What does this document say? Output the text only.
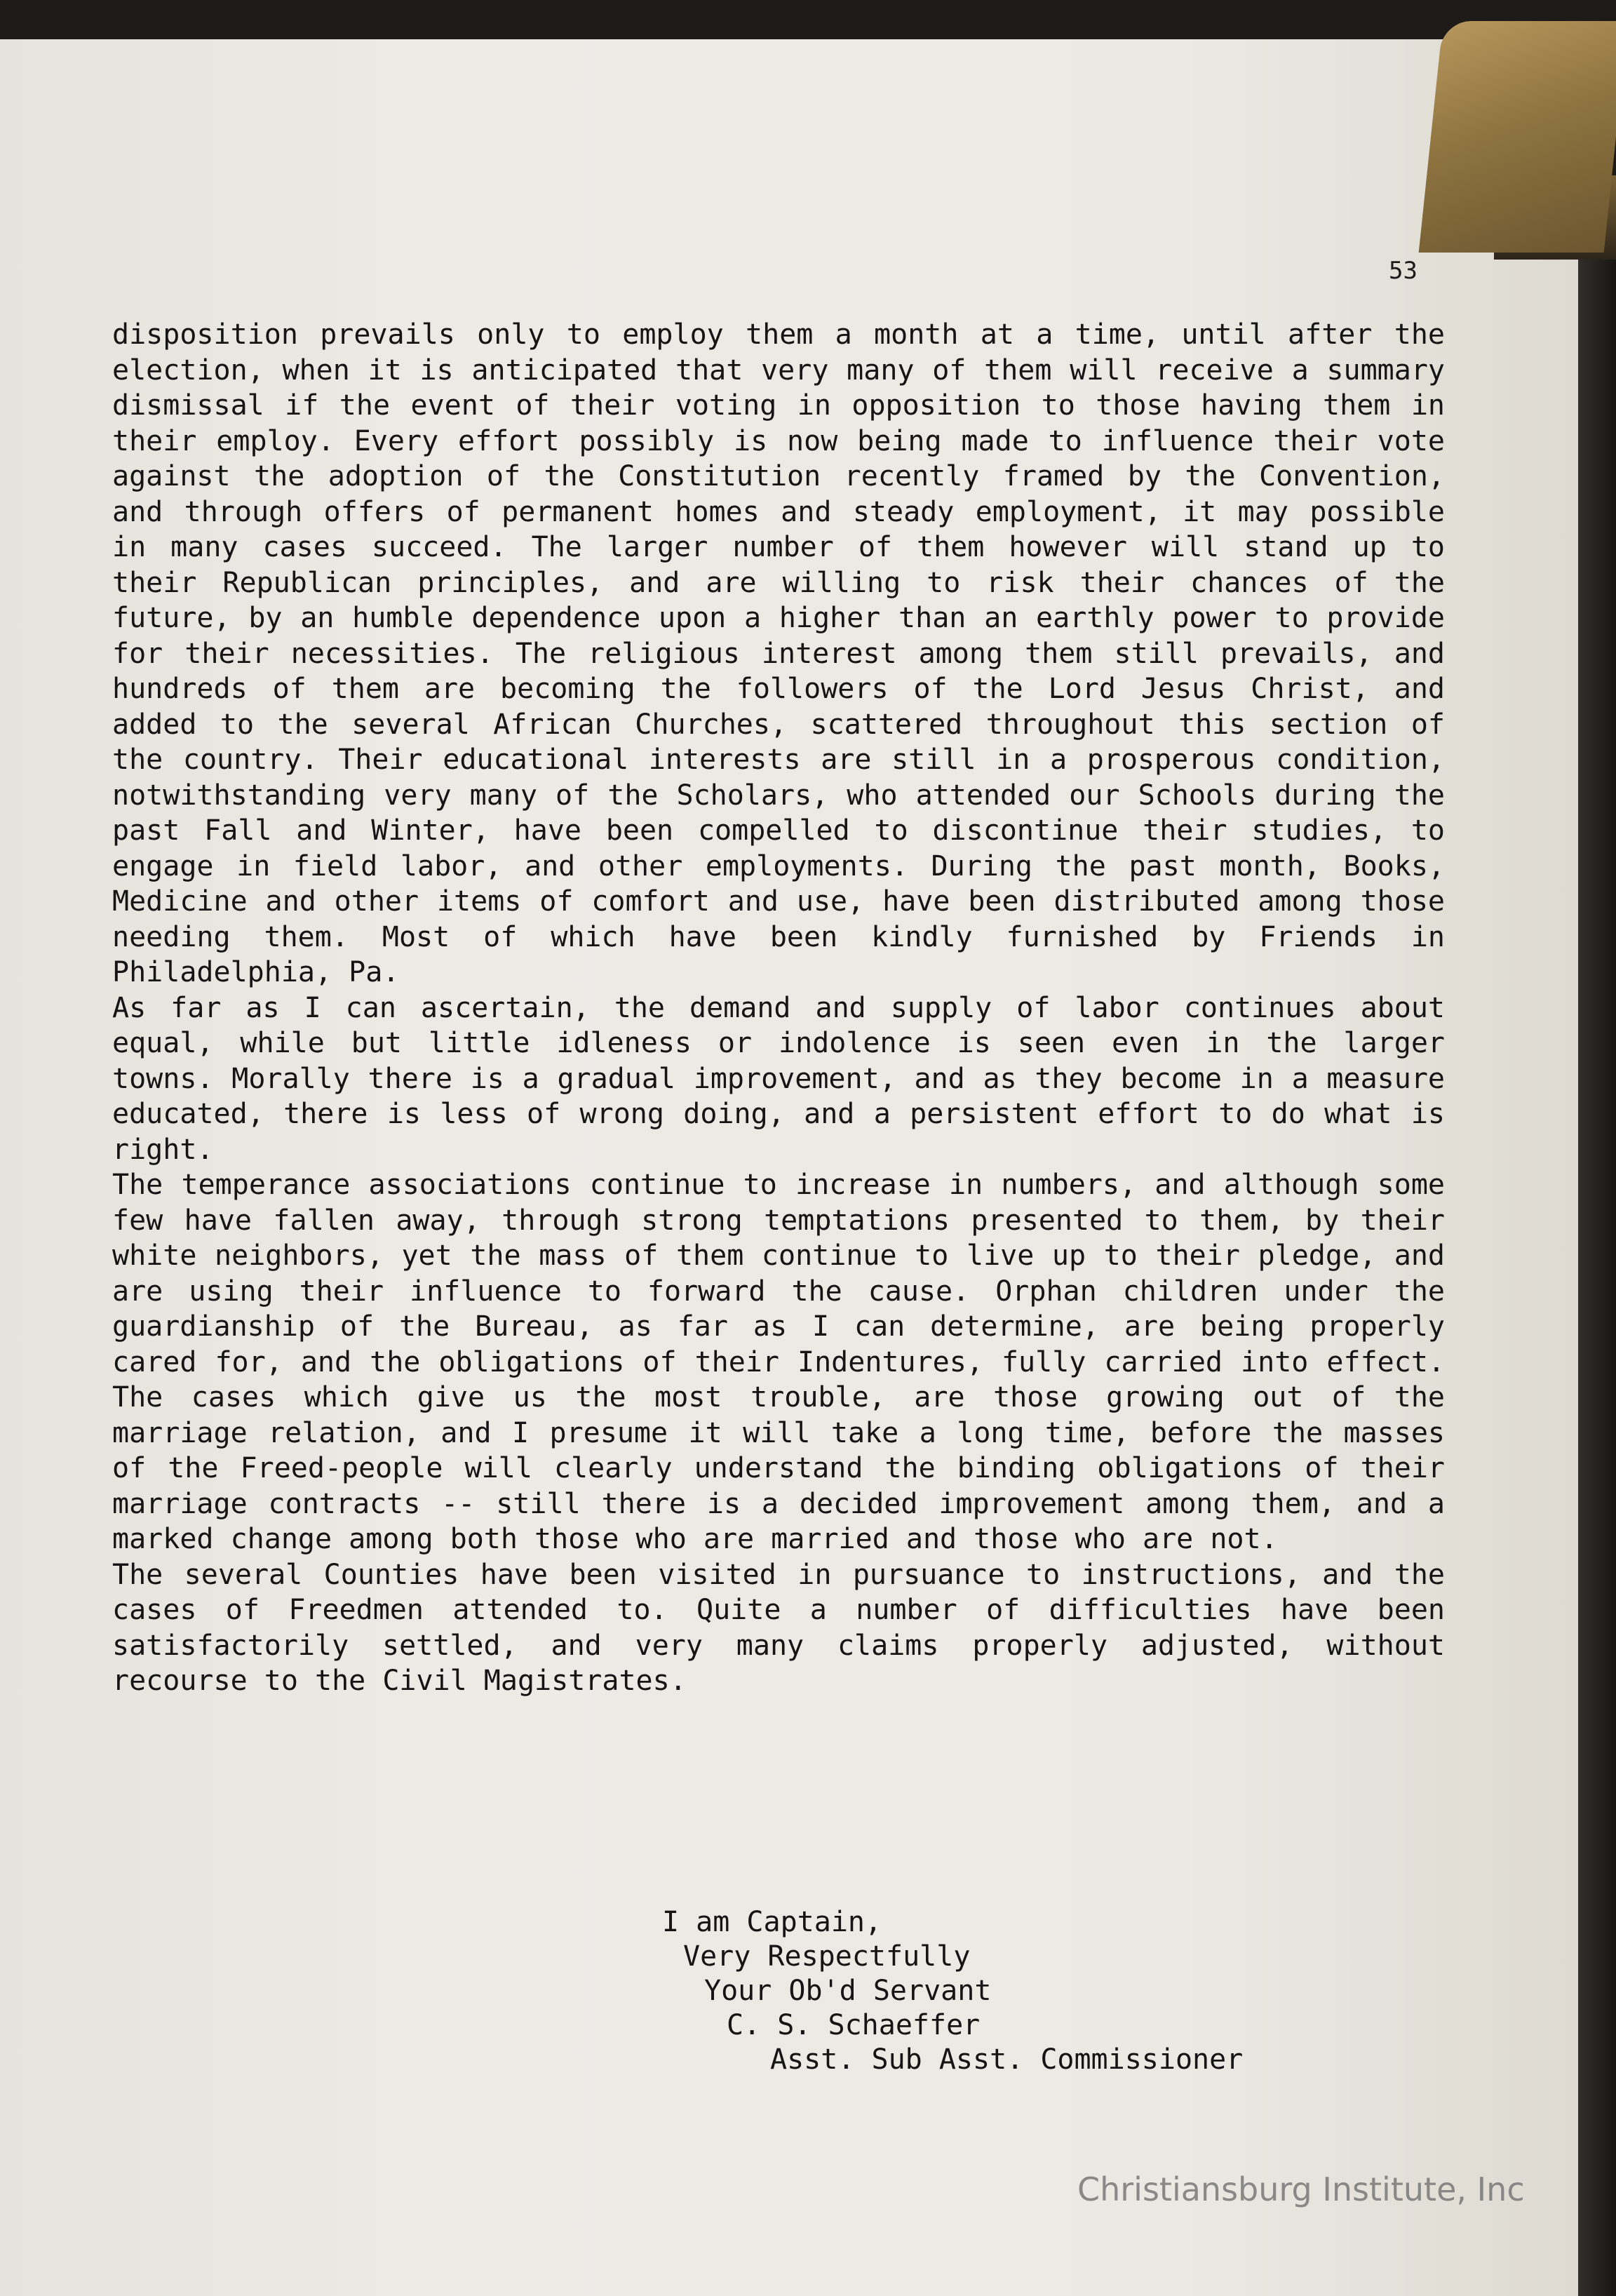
53

disposition prevails only to employ them a month at a time, until after the election, when it is anticipated that very many of them will receive a summary dismissal if the event of their voting in opposition to those having them in their employ. Every effort possibly is now being made to influence their vote against the adoption of the Constitution recently framed by the Convention, and through offers of permanent homes and steady employment, it may possible in many cases succeed. The larger number of them however will stand up to their Republican principles, and are willing to risk their chances of the future, by an humble dependence upon a higher than an earthly power to provide for their necessities. The religious interest among them still prevails, and hundreds of them are becoming the followers of the Lord Jesus Christ, and added to the several African Churches, scattered throughout this section of the country. Their educational interests are still in a prosperous condition, notwithstanding very many of the Scholars, who attended our Schools during the past Fall and Winter, have been compelled to discontinue their studies, to engage in field labor, and other employments. During the past month, Books, Medicine and other items of comfort and use, have been distributed among those needing them. Most of which have been kindly furnished by Friends in Philadelphia, Pa.
As far as I can ascertain, the demand and supply of labor continues about equal, while but little idleness or indolence is seen even in the larger towns. Morally there is a gradual improvement, and as they become in a measure educated, there is less of wrong doing, and a persistent effort to do what is right.
The temperance associations continue to increase in numbers, and although some few have fallen away, through strong temptations presented to them, by their white neighbors, yet the mass of them continue to live up to their pledge, and are using their influence to forward the cause. Orphan children under the guardianship of the Bureau, as far as I can determine, are being properly cared for, and the obligations of their Indentures, fully carried into effect. The cases which give us the most trouble, are those growing out of the marriage relation, and I presume it will take a long time, before the masses of the Freed-people will clearly understand the binding obligations of their marriage contracts -- still there is a decided improvement among them, and a marked change among both those who are married and those who are not.
The several Counties have been visited in pursuance to instructions, and the cases of Freedmen attended to. Quite a number of difficulties have been satisfactorily settled, and very many claims properly adjusted, without recourse to the Civil Magistrates.
I am Captain,
Very Respectfully
Your Ob'd Servant
C. S. Schaeffer
Asst. Sub Asst. Commissioner

Christiansburg Institute, Inc
